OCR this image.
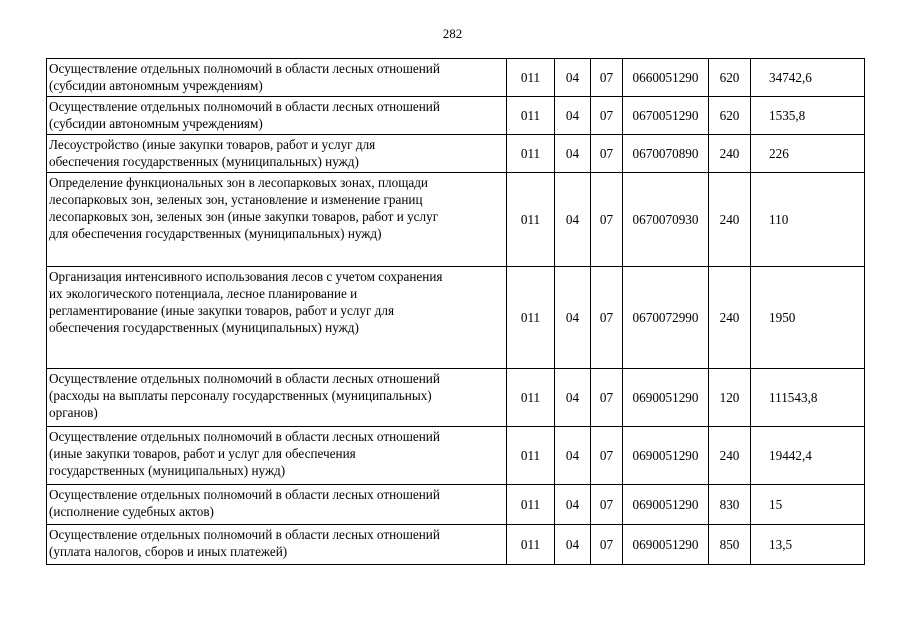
282
Осуществление отдельных полномочий в области лесных отношений
(субсидии автономным учреждениям)	011	04	07	0660051290	620	34742,6

Осуществление отдельных полномочий в области лесных отношений
(субсидии автономным учреждениям)	011	04	07	0670051290	620	1535,8

Лесоустройство (иные закупки товаров, работ и услуг для
обеспечения государственных (муниципальных) нужд)	011	04	07	0670070890	240	226

Определение функциональных зон в лесопарковых зонах, площади
лесопарковых зон, зеленых зон, установление и изменение границ
лесопарковых зон, зеленых зон (иные закупки товаров, работ и услуг
для обеспечения государственных (муниципальных) нужд)	011	04	07	0670070930	240	110

Организация интенсивного использования лесов с учетом сохранения
их экологического потенциала, лесное планирование и
регламентирование (иные закупки товаров, работ и услуг для
обеспечения государственных (муниципальных) нужд)	011	04	07	0670072990	240	1950

Осуществление отдельных полномочий в области лесных отношений
(расходы на выплаты персоналу государственных (муниципальных)
органов)	011	04	07	0690051290	120	111543,8

Осуществление отдельных полномочий в области лесных отношений
(иные закупки товаров, работ и услуг для обеспечения
государственных (муниципальных) нужд)	011	04	07	0690051290	240	19442,4

Осуществление отдельных полномочий в области лесных отношений
(исполнение судебных актов)	011	04	07	0690051290	830	15

Осуществление отдельных полномочий в области лесных отношений
(уплата налогов, сборов и иных платежей)	011	04	07	0690051290	850	13,5
